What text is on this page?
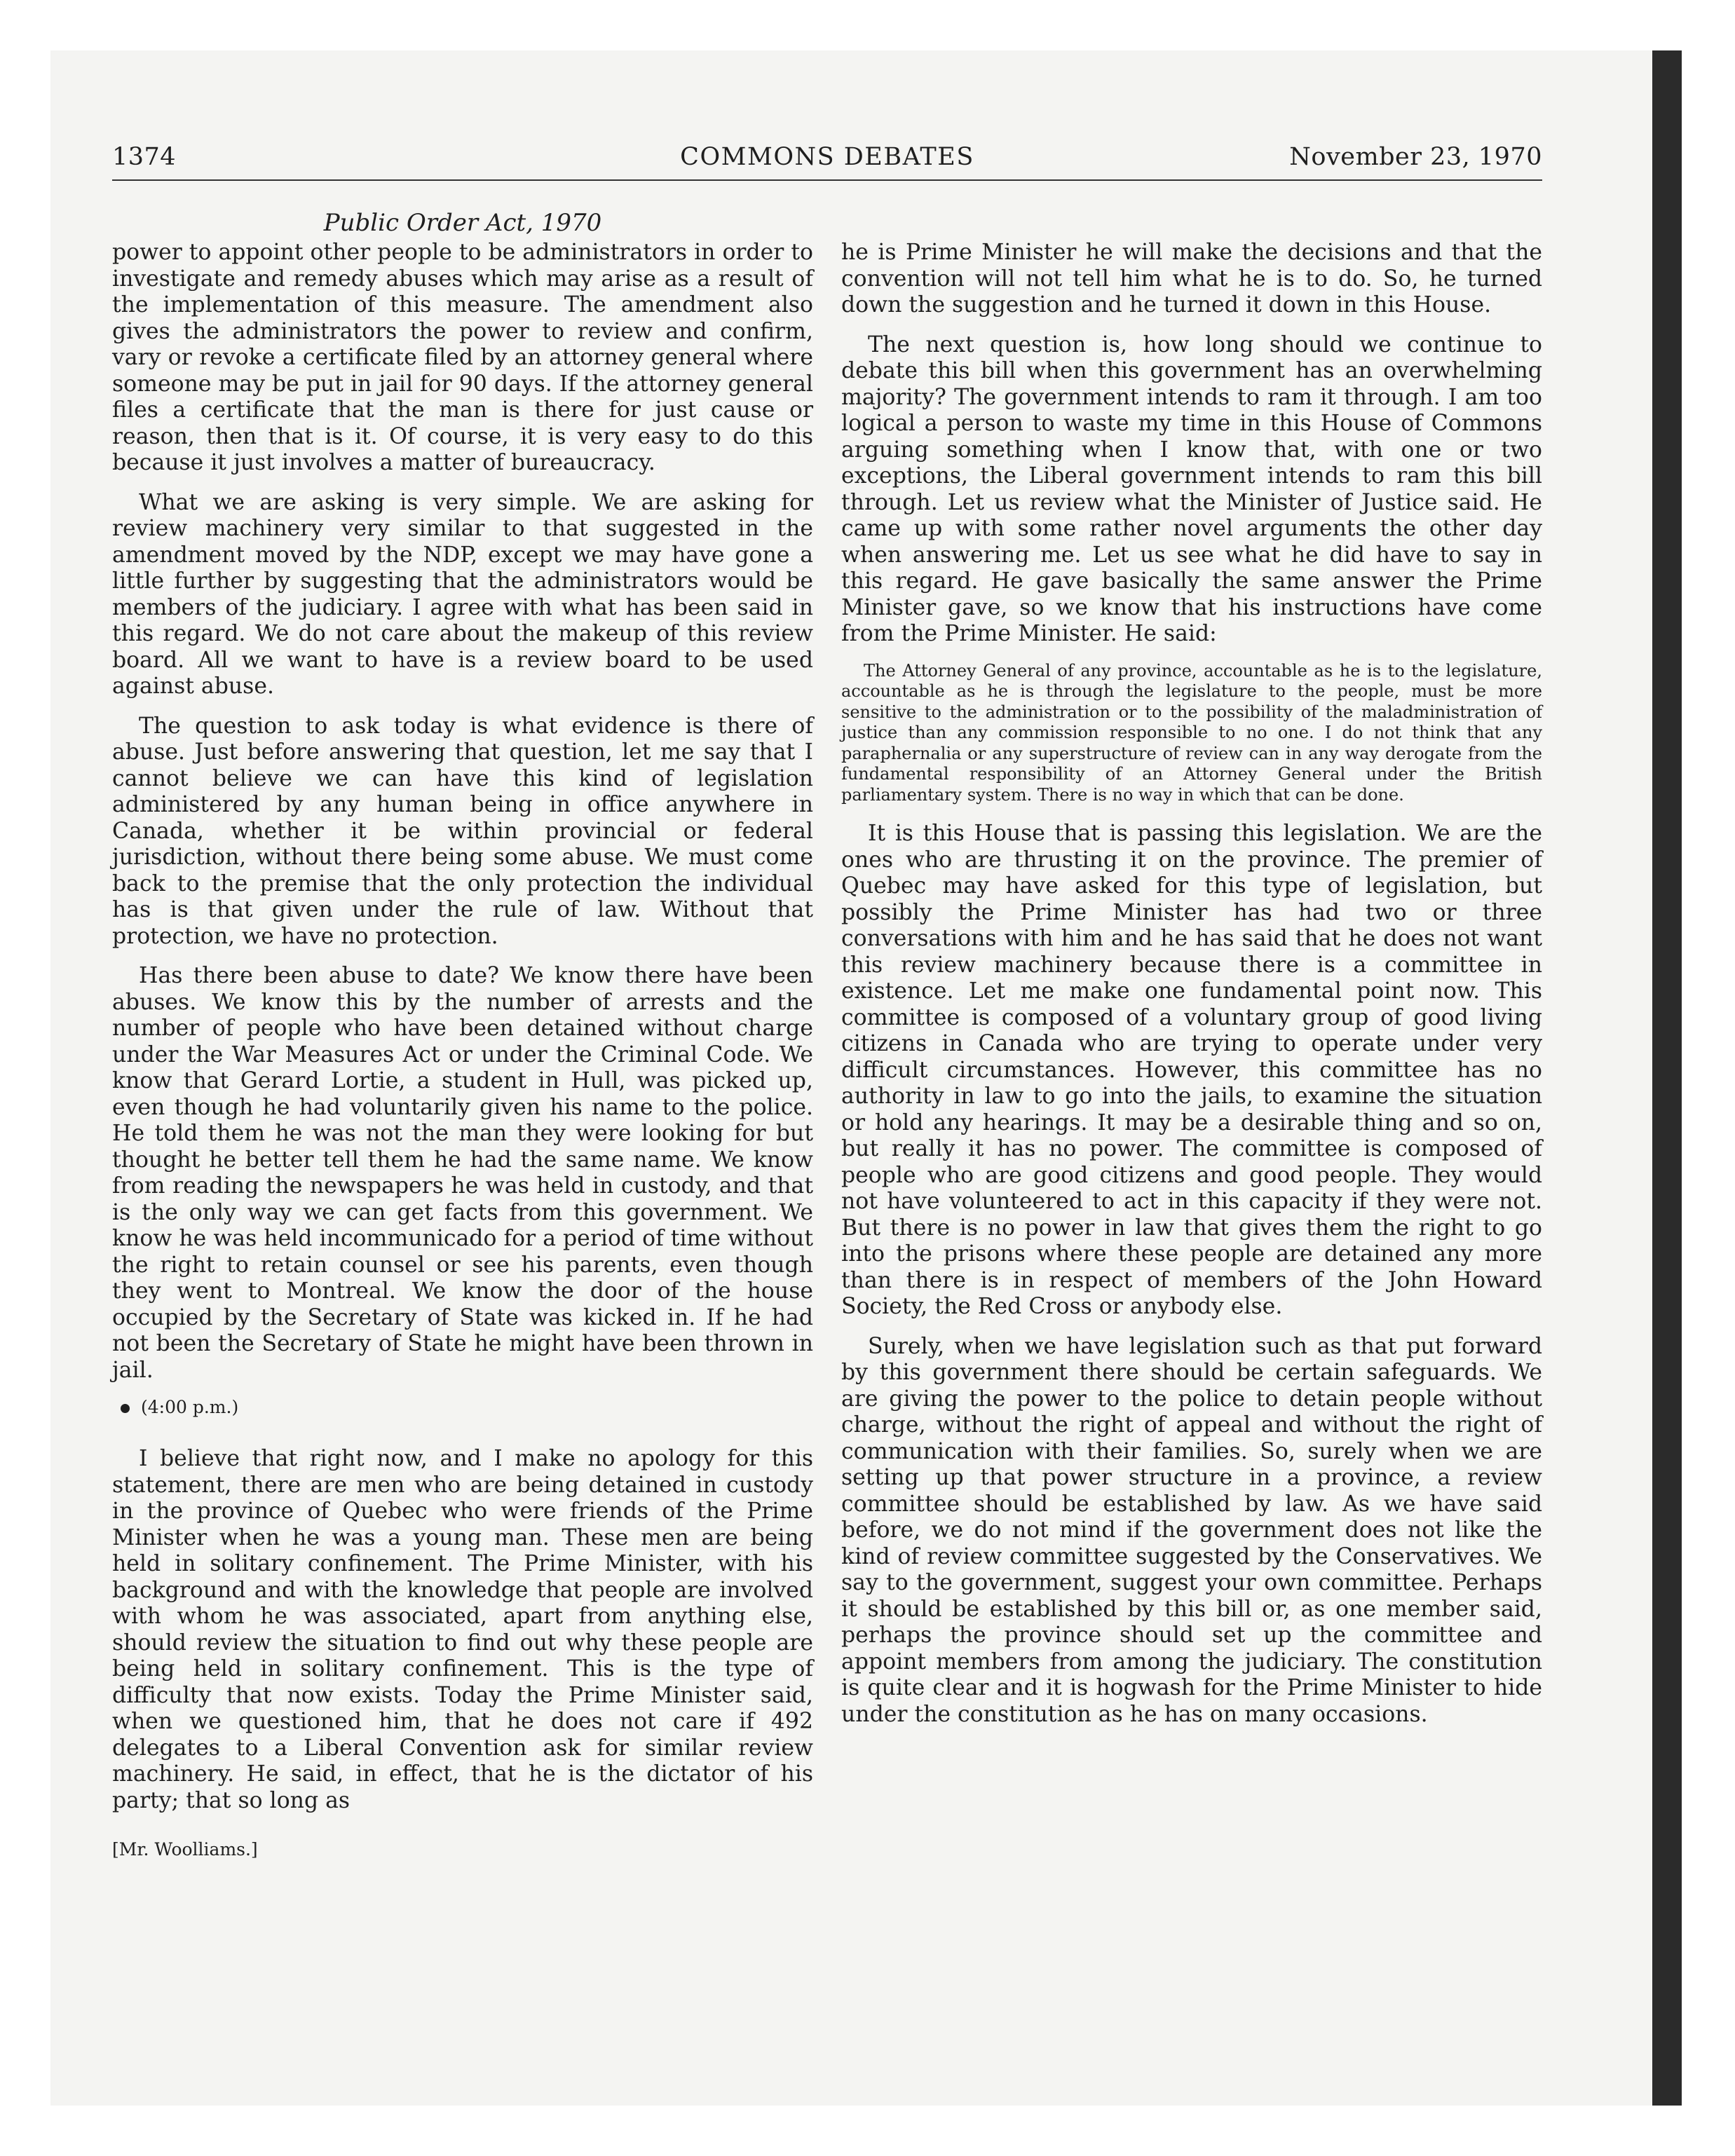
1374	COMMONS DEBATES	November 23, 1970
Public Order Act, 1970

power to appoint other people to be administrators in order to investigate and remedy abuses which may arise as a result of the implementation of this measure. The amendment also gives the administrators the power to review and confirm, vary or revoke a certificate filed by an attorney general where someone may be put in jail for 90 days. If the attorney general files a certificate that the man is there for just cause or reason, then that is it. Of course, it is very easy to do this because it just involves a matter of bureaucracy.

What we are asking is very simple. We are asking for review machinery very similar to that suggested in the amendment moved by the NDP, except we may have gone a little further by suggesting that the administrators would be members of the judiciary. I agree with what has been said in this regard. We do not care about the makeup of this review board. All we want to have is a review board to be used against abuse.

The question to ask today is what evidence is there of abuse. Just before answering that question, let me say that I cannot believe we can have this kind of legislation administered by any human being in office anywhere in Canada, whether it be within provincial or federal jurisdiction, without there being some abuse. We must come back to the premise that the only protection the individual has is that given under the rule of law. Without that protection, we have no protection.

Has there been abuse to date? We know there have been abuses. We know this by the number of arrests and the number of people who have been detained without charge under the War Measures Act or under the Criminal Code. We know that Gerard Lortie, a student in Hull, was picked up, even though he had voluntarily given his name to the police. He told them he was not the man they were looking for but thought he better tell them he had the same name. We know from reading the newspapers he was held in custody, and that is the only way we can get facts from this government. We know he was held incommunicado for a period of time without the right to retain counsel or see his parents, even though they went to Montreal. We know the door of the house occupied by the Secretary of State was kicked in. If he had not been the Secretary of State he might have been thrown in jail.

(4:00 p.m.)

I believe that right now, and I make no apology for this statement, there are men who are being detained in custody in the province of Quebec who were friends of the Prime Minister when he was a young man. These men are being held in solitary confinement. The Prime Minister, with his background and with the knowledge that people are involved with whom he was associated, apart from anything else, should review the situation to find out why these people are being held in solitary confinement. This is the type of difficulty that now exists. Today the Prime Minister said, when we questioned him, that he does not care if 492 delegates to a Liberal Convention ask for similar review machinery. He said, in effect, that he is the dictator of his party; that so long as

[Mr. Woolliams.]

he is Prime Minister he will make the decisions and that the convention will not tell him what he is to do. So, he turned down the suggestion and he turned it down in this House.

The next question is, how long should we continue to debate this bill when this government has an overwhelming majority? The government intends to ram it through. I am too logical a person to waste my time in this House of Commons arguing something when I know that, with one or two exceptions, the Liberal government intends to ram this bill through. Let us review what the Minister of Justice said. He came up with some rather novel arguments the other day when answering me. Let us see what he did have to say in this regard. He gave basically the same answer the Prime Minister gave, so we know that his instructions have come from the Prime Minister. He said:

The Attorney General of any province, accountable as he is to the legislature, accountable as he is through the legislature to the people, must be more sensitive to the administration or to the possibility of the maladministration of justice than any commission responsible to no one. I do not think that any paraphernalia or any superstructure of review can in any way derogate from the fundamental responsibility of an Attorney General under the British parliamentary system. There is no way in which that can be done.

It is this House that is passing this legislation. We are the ones who are thrusting it on the province. The premier of Quebec may have asked for this type of legislation, but possibly the Prime Minister has had two or three conversations with him and he has said that he does not want this review machinery because there is a committee in existence. Let me make one fundamental point now. This committee is composed of a voluntary group of good living citizens in Canada who are trying to operate under very difficult circumstances. However, this committee has no authority in law to go into the jails, to examine the situation or hold any hearings. It may be a desirable thing and so on, but really it has no power. The committee is composed of people who are good citizens and good people. They would not have volunteered to act in this capacity if they were not. But there is no power in law that gives them the right to go into the prisons where these people are detained any more than there is in respect of members of the John Howard Society, the Red Cross or anybody else.

Surely, when we have legislation such as that put forward by this government there should be certain safeguards. We are giving the power to the police to detain people without charge, without the right of appeal and without the right of communication with their families. So, surely when we are setting up that power structure in a province, a review committee should be established by law. As we have said before, we do not mind if the government does not like the kind of review committee suggested by the Conservatives. We say to the government, suggest your own committee. Perhaps it should be established by this bill or, as one member said, perhaps the province should set up the committee and appoint members from among the judiciary. The constitution is quite clear and it is hogwash for the Prime Minister to hide under the constitution as he has on many occasions.
